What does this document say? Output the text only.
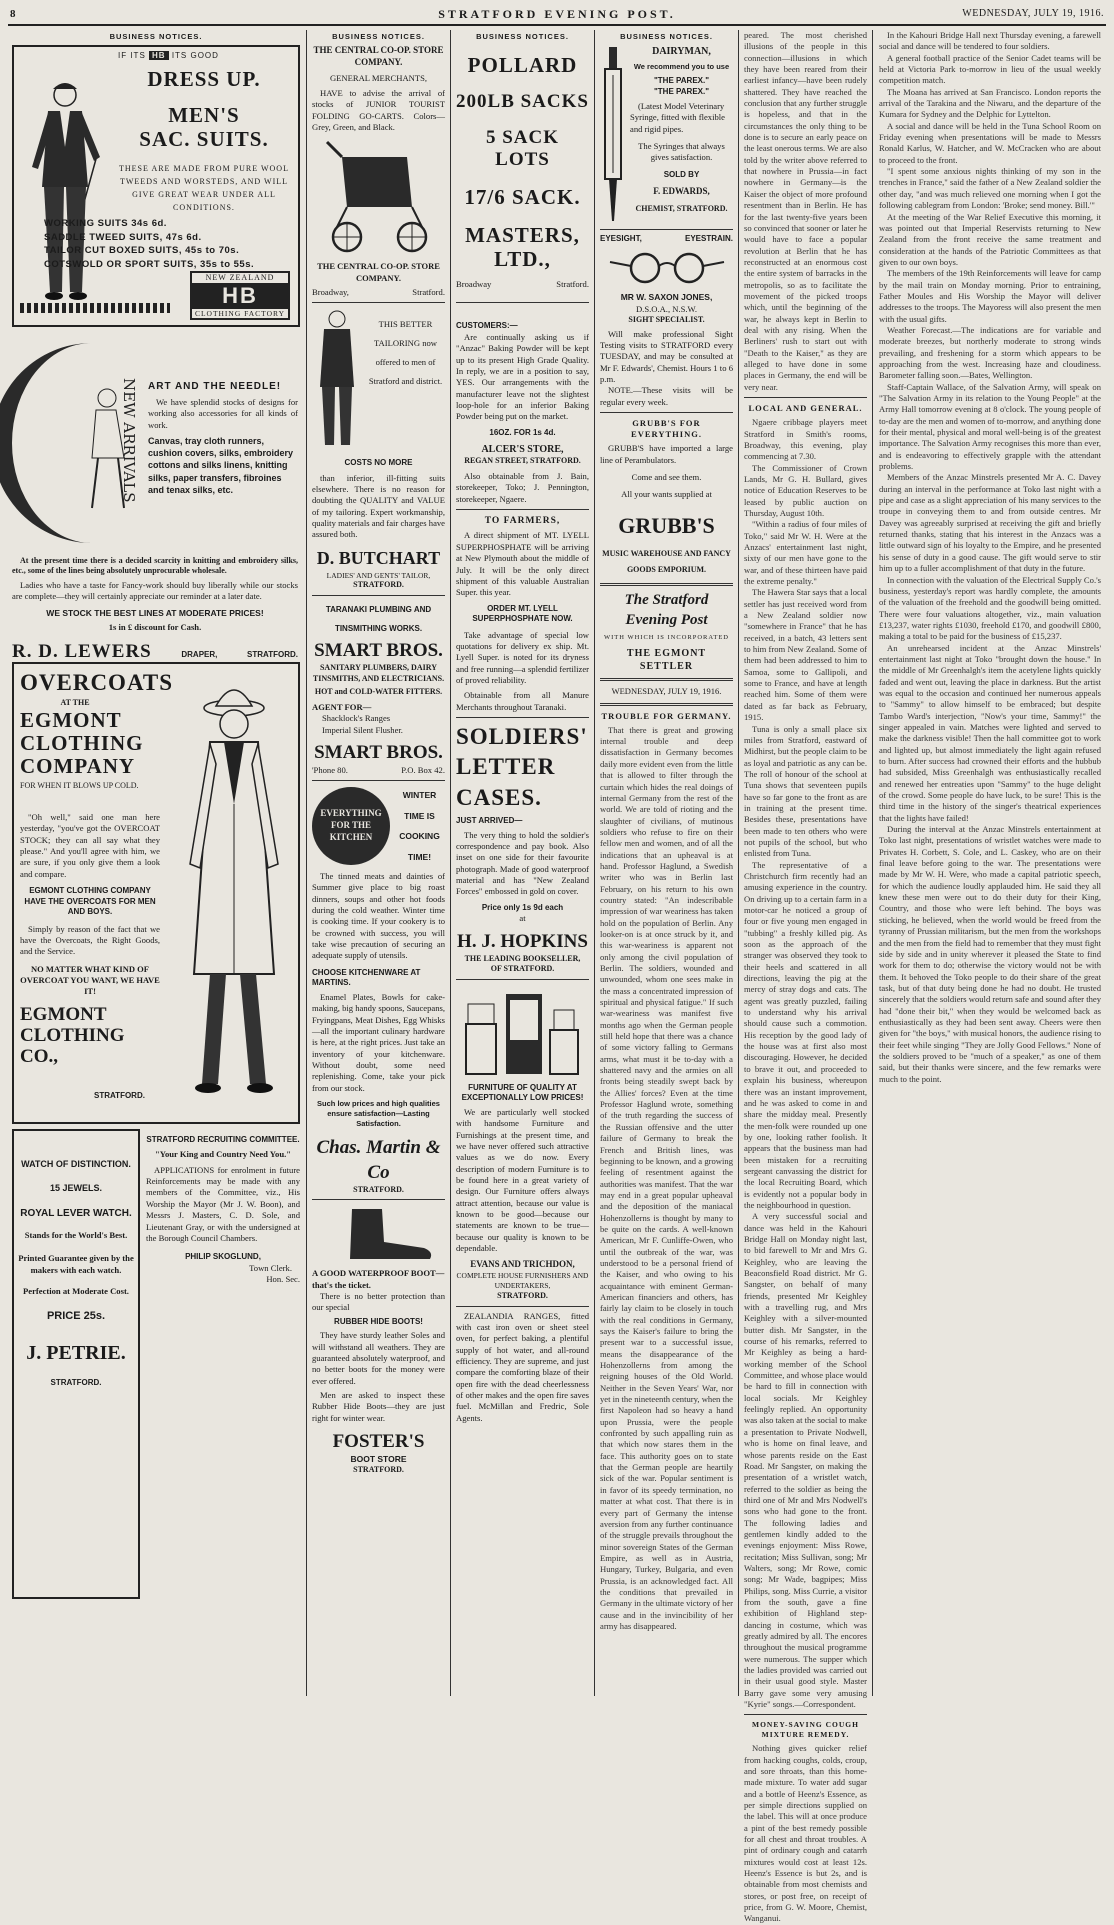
8	STRATFORD EVENING POST.	WEDNESDAY, JULY 19, 1916.
BUSINESS NOTICES.
IF ITS HB ITS GOOD
DRESS UP.
MEN'S
SAC. SUITS.
THESE ARE MADE FROM PURE WOOL TWEEDS AND WORSTEDS, AND WILL GIVE GREAT WEAR UNDER ALL CONDITIONS.
WORKING SUITS 34s 6d.
SADDLE TWEED SUITS, 47s 6d.
TAILOR CUT BOXED SUITS, 45s to 70s.
COTSWOLD OR SPORT SUITS, 35s to 55s.
NEW ZEALAND
HB
CLOTHING FACTORY
NEW ARRIVALS ART AND THE NEEDLE!
We have splendid stocks of designs for working also accessories for all kinds of work.
Canvas, tray cloth runners, cushion covers, silks, embroidery cottons and silks linens, knitting silks, paper transfers, fibroines and tenax silks, etc.
At the present time there is a decided scarcity in knitting and embroidery silks, etc., some of the lines being absolutely unprocurable wholesale.
Ladies who have a taste for Fancy-work should buy liberally while our stocks are complete—they will certainly appreciate our reminder at a later date.
WE STOCK THE BEST LINES AT MODERATE PRICES!
1s in £ discount for Cash.
R. D. LEWERS	DRAPER,	STRATFORD.
OVERCOATS
AT THE
EGMONT
CLOTHING
COMPANY
FOR WHEN IT BLOWS UP COLD.
"Oh well," said one man here yesterday, "you've got the OVERCOAT STOCK; they can all say what they please." And you'll agree with him, we are sure, if you only give them a look and compare.
EGMONT CLOTHING COMPANY HAVE THE OVERCOATS FOR MEN AND BOYS.
Simply by reason of the fact that we have the Overcoats, the Right Goods, and the Service.
NO MATTER WHAT KIND OF OVERCOAT YOU WANT, WE HAVE IT!
EGMONT
CLOTHING
CO.,
STRATFORD.
WATCH OF DISTINCTION.
15 JEWELS.
ROYAL LEVER WATCH.
Stands for the World's Best.
Printed Guarantee given by the makers with each watch.
Perfection at Moderate Cost.
PRICE 25s.
J. PETRIE.
STRATFORD.
STRATFORD RECRUITING COMMITTEE.
"Your King and Country Need You."
APPLICATIONS for enrolment in future Reinforcements may be made with any members of the Committee, viz., His Worship the Mayor (Mr J. W. Boon), and Messrs J. Masters, C. D. Sole, and Lieutenant Gray, or with the undersigned at the Borough Council Chambers.
PHILIP SKOGLUND,
Town Clerk.
Hon. Sec.
BUSINESS NOTICES.
THE CENTRAL CO-OP. STORE COMPANY.
GENERAL MERCHANTS,
HAVE to advise the arrival of stocks of JUNIOR TOURIST FOLDING GO-CARTS. Colors—Grey, Green, and Black.
THE CENTRAL CO-OP. STORE COMPANY.
Broadway,	Stratford.
THIS BETTER TAILORING now offered to men of Stratford and district.
COSTS NO MORE
than inferior, ill-fitting suits elsewhere. There is no reason for doubting the QUALITY and VALUE of my tailoring. Expert workmanship, quality materials and fair charges have assured both.
D. BUTCHART
LADIES' AND GENTS' TAILOR,
STRATFORD.
TARANAKI PLUMBING AND TINSMITHING WORKS.
SMART BROS.
SANITARY PLUMBERS, DAIRY TINSMITHS, AND ELECTRICIANS.
HOT and COLD-WATER FITTERS.
AGENT FOR—
Shacklock's Ranges
Imperial Silent Flusher.
SMART BROS.
'Phone 80.	P.O. Box 42.
EVERYTHING FOR THE KITCHEN
WINTER TIME IS COOKING TIME!
The tinned meats and dainties of Summer give place to big roast dinners, soups and other hot foods during the cold weather. Winter time is cooking time. If your cookery is to be crowned with success, you will take wise precaution of securing an adequate supply of utensils.
CHOOSE KITCHENWARE AT MARTINS.
Enamel Plates, Bowls for cake-making, big handy spoons, Saucepans, Fryingpans, Meat Dishes, Egg Whisks—all the important culinary hardware is here, at the right prices. Just take an inventory of your kitchenware. Without doubt, some need replenishing. Come, take your pick from our stock.
Such low prices and high qualities ensure satisfaction—Lasting Satisfaction.
Chas. Martin & Co
STRATFORD.
A GOOD WATERPROOF BOOT—that's the ticket.
There is no better protection than our special
RUBBER HIDE BOOTS!
They have sturdy leather Soles and will withstand all weathers. They are guaranteed absolutely waterproof, and no better boots for the money were ever offered.
Men are asked to inspect these Rubber Hide Boots—they are just right for winter wear.
FOSTER'S
BOOT STORE
STRATFORD.
BUSINESS NOTICES.
POLLARD
200LB SACKS
5 SACK LOTS
17/6 SACK.
MASTERS,
LTD.,
Broadway	Stratford.
CUSTOMERS:—
Are continually asking us if "Anzac" Baking Powder will be kept up to its present High Grade Quality. In reply, we are in a position to say, YES. Our arrangements with the manufacturer leave not the slightest loop-hole for an inferior Baking Powder being put on the market.
16OZ. FOR 1s 4d.
ALCER'S STORE,
REGAN STREET, STRATFORD.
Also obtainable from J. Bain, storekeeper, Toko; J. Pennington, storekeeper, Ngaere.
TO FARMERS,
A direct shipment of MT. LYELL SUPERPHOSPHATE will be arriving at New Plymouth about the middle of July. It will be the only direct shipment of this valuable Australian Super. this year.
ORDER MT. LYELL SUPERPHOSPHATE NOW.
Take advantage of special low quotations for delivery ex ship. Mt. Lyell Super. is noted for its dryness and free running—a splendid fertilizer of proved reliability.
Obtainable from all Manure Merchants throughout Taranaki.
SOLDIERS'
LETTER
CASES.
JUST ARRIVED—
The very thing to hold the soldier's correspondence and pay book. Also inset on one side for their favourite photograph. Made of good waterproof material and has "New Zealand Forces" embossed in gold on cover.
Price only 1s 9d each
at
H. J. HOPKINS
THE LEADING BOOKSELLER,
OF STRATFORD.
FURNITURE OF QUALITY AT EXCEPTIONALLY LOW PRICES!
We are particularly well stocked with handsome Furniture and Furnishings at the present time, and we have never offered such attractive values as we do now. Every description of modern Furniture is to be found here in a great variety of design. Our Furniture offers always attract attention, because our value is known to be good—because our statements are known to be true—because our quality is known to be dependable.
EVANS AND TRICHDON,
COMPLETE HOUSE FURNISHERS AND UNDERTAKERS,
STRATFORD.
ZEALANDIA RANGES, fitted with cast iron oven or sheet steel oven, for perfect baking, a plentiful supply of hot water, and all-round efficiency. They are supreme, and just compare the comforting blaze of their open fire with the dead cheerlessness of other makes and the open fire saves fuel. McMillan and Fredric, Sole Agents.
BUSINESS NOTICES.
DAIRYMAN,
We recommend you to use
"THE PAREX."
"THE PAREX."
(Latest Model Veterinary Syringe, fitted with flexible and rigid pipes.
The Syringes that always gives satisfaction.
SOLD BY
F. EDWARDS,
CHEMIST, STRATFORD.
EYESIGHT,	EYESTRAIN.
MR W. SAXON JONES,
D.S.O.A., N.S.W.
SIGHT SPECIALIST.
Will make professional Sight Testing visits to STRATFORD every TUESDAY, and may be consulted at Mr F. Edwards', Chemist. Hours 1 to 6 p.m.
NOTE.—These visits will be regular every week.
GRUBB'S FOR EVERYTHING.
GRUBB'S have imported a large line of Perambulators.
Come and see them.
All your wants supplied at
GRUBB'S
MUSIC WAREHOUSE AND FANCY GOODS EMPORIUM.
The Stratford Evening Post
WITH WHICH IS INCORPORATED
THE EGMONT SETTLER
WEDNESDAY, JULY 19, 1916.
TROUBLE FOR GERMANY.
That there is great and growing internal trouble and deep dissatisfaction in Germany becomes daily more evident even from the little that is allowed to filter through the curtain which hides the real doings of internal Germany from the rest of the world. We are told of rioting and the slaughter of civilians, of mutinous soldiers who refuse to fire on their fellow men and women, and of all the indications that an upheaval is at hand. Professor Haglund, a Swedish writer who was in Berlin last February, on his return to his own country stated: "An indescribable impression of war weariness has taken hold on the population of Berlin. Any looker-on is at once struck by it, and this war-weariness is apparent not only among the civil population of Berlin. The soldiers, wounded and unwounded, whom one sees make in the mass a concentrated impression of spiritual and physical fatigue." If such war-weariness was manifest five months ago when the German people still held hope that there was a chance of some victory falling to Germans arms, what must it be to-day with a shattered navy and the armies on all fronts being steadily swept back by the Allies' forces? Even at the time Professor Haglund wrote, something of the truth regarding the success of the Russian offensive and the utter failure of Germany to break the French and British lines, was beginning to be known, and a growing feeling of resentment against the authorities was manifest. That the war may end in a great popular upheaval and the deposition of the maniacal Hohenzollerns is thought by many to be quite on the cards. A well-known American, Mr F. Cunliffe-Owen, who until the outbreak of the war, was understood to be a personal friend of the Kaiser, and who owing to his acquaintance with eminent German-American financiers and others, has fairly lay claim to be closely in touch with the real conditions in Germany, says the Kaiser's failure to bring the present war to a successful issue, means the disappearance of the Hohenzollerns from among the reigning houses of the Old World. Neither in the Seven Years' War, nor yet in the nineteenth century, when the first Napoleon had so heavy a hand upon Prussia, were the people confronted by such appalling ruin as that which now stares them in the face. This authority goes on to state that the German people are heartily sick of the war. Popular sentiment is in favor of its speedy termination, no matter at what cost. That there is in every part of Germany the intense aversion from any further continuance of the struggle prevails throughout the minor sovereign States of the German Empire, as well as in Austria, Hungary, Turkey, Bulgaria, and even Prussia, is an acknowledged fact. All the conditions that prevailed in Germany in the ultimate victory of her cause and in the invincibility of her army has disappeared.
peared. The most cherished illusions of the people in this connection—illusions in which they have been reared from their earliest infancy—have been rudely shattered. They have reached the conclusion that any further struggle is hopeless, and that in the circumstances the only thing to be done is to secure an early peace on the least onerous terms. We are also told by the writer above referred to that nowhere in Prussia—in fact nowhere in Germany—is the Kaiser the object of more profound resentment than in Berlin. He has for the last twenty-five years been so convinced that sooner or later he would have to face a popular revolution at Berlin that he has reconstructed at an enormous cost the entire system of barracks in the metropolis, so as to facilitate the movement of the picked troops which, until the beginning of the war, he always kept in Berlin to deal with any rising. When the Berliners' rush to start out with "Death to the Kaiser," as they are alleged to have done in some places in Germany, the end will be very near.
LOCAL AND GENERAL.
Ngaere cribbage players meet Stratford in Smith's rooms, Broadway, this evening, play commencing at 7.30.
The Commissioner of Crown Lands, Mr G. H. Bullard, gives notice of Education Reserves to be leased by public auction on Thursday, August 10th.
"Within a radius of four miles of Toko," said Mr W. H. Were at the Anzacs' entertainment last night, sixty of our men have gone to the war, and of these thirteen have paid the extreme penalty."
The Hawera Star says that a local settler has just received word from a New Zealand soldier now "somewhere in France" that he has received, in a batch, 43 letters sent to him from New Zealand. Some of them had been addressed to him to Samoa, some to Gallipoli, and some to France, and have at length reached him. Some of them were dated as far back as February, 1915.
Tuna is only a small place six miles from Stratford, eastward of Midhirst, but the people claim to be as loyal and patriotic as any can be. The roll of honour of the school at Tuna shows that seventeen pupils have so far gone to the front as are in training at the present time. Besides these, presentations have been made to ten others who were not pupils of the school, but who enlisted from Tuna.
The representative of a Christchurch firm recently had an amusing experience in the country. On driving up to a certain farm in a motor-car he noticed a group of four or five young men engaged in "tubbing" a freshly killed pig. As soon as the approach of the stranger was observed they took to their heels and scattered in all directions, leaving the pig at the mercy of stray dogs and cats. The agent was greatly puzzled, failing to understand why his arrival should cause such a commotion. His reception by the good lady of the house was at first also most discouraging. However, he decided to brave it out, and proceeded to explain his business, whereupon there was an instant improvement, and he was asked to come in and share the midday meal. Presently the men-folk were rounded up one by one, looking rather foolish. It appears that the business man had been mistaken for a recruiting sergeant canvassing the district for the local Recruiting Board, which is evidently not a popular body in the neighbourhood in question.
A very successful social and dance was held in the Kahouri Bridge Hall on Monday night last, to bid farewell to Mr and Mrs G. Keighley, who are leaving the Beaconsfield Road district. Mr G. Sangster, on behalf of many friends, presented Mr Keighley with a travelling rug, and Mrs Keighley with a silver-mounted butter dish. Mr Sangster, in the course of his remarks, referred to Mr Keighley as being a hard-working member of the School Committee, and whose place would be hard to fill in connection with local socials. Mr Keighley feelingly replied. An opportunity was also taken at the social to make a presentation to Private Nodwell, who is home on final leave, and whose parents reside on the East Road. Mr Sangster, on making the presentation of a wristlet watch, referred to the soldier as being the third one of Mr and Mrs Nodwell's sons who had gone to the front. The following ladies and gentlemen kindly added to the evenings enjoyment: Miss Rowe, recitation; Miss Sullivan, song; Mr Walters, song; Mr Rowe, comic song; Mr Wade, bagpipes; Miss Philips, song. Miss Currie, a visitor from the south, gave a fine exhibition of Highland step-dancing in costume, which was greatly admired by all. The encores throughout the musical programme were numerous. The supper which the ladies provided was carried out in their usual good style. Master Barry gave some very amusing "Kyrie" songs.—Correspondent.
MONEY-SAVING COUGH MIXTURE REMEDY.
Nothing gives quicker relief from hacking coughs, colds, croup, and sore throats, than this home-made mixture. To water add sugar and a bottle of Heenz's Essence, as per simple directions supplied on the label. This will at once produce a pint of the best remedy possible for all chest and throat troubles. A pint of ordinary cough and catarrh mixtures would cost at least 12s. Heenz's Essence is but 2s, and is obtainable from most chemists and stores, or post free, on receipt of price, from G. W. Moore, Chemist, Wanganui.
In the Kahouri Bridge Hall next Thursday evening, a farewell social and dance will be tendered to four soldiers.
A general football practice of the Senior Cadet teams will be held at Victoria Park to-morrow in lieu of the usual weekly competition match.
The Moana has arrived at San Francisco. London reports the arrival of the Tarakina and the Niwaru, and the departure of the Kumara for Sydney and the Delphic for Lyttelton.
A social and dance will be held in the Tuna School Room on Friday evening when presentations will be made to Messrs Ronald Karlus, W. Hatcher, and W. McCracken who are about to proceed to the front.
"I spent some anxious nights thinking of my son in the trenches in France," said the father of a New Zealand soldier the other day, "and was much relieved one morning when I got the following cablegram from London: 'Broke; send money. Bill.'"
At the meeting of the War Relief Executive this morning, it was pointed out that Imperial Reservists returning to New Zealand from the front receive the same treatment and consideration at the hands of the Patriotic Committees as that given to our own boys.
The members of the 19th Reinforcements will leave for camp by the mail train on Monday morning. Prior to entraining, Father Moules and His Worship the Mayor will deliver addresses to the troops. The Mayoress will also present the men with the usual gifts.
Weather Forecast.—The indications are for variable and moderate breezes, but northerly moderate to strong winds prevailing, and freshening for a storm which appears to be approaching from the west. Increasing haze and cloudiness. Barometer falling soon.—Bates, Wellington.
Staff-Captain Wallace, of the Salvation Army, will speak on "The Salvation Army in its relation to the Young People" at the Army Hall tomorrow evening at 8 o'clock. The young people of to-day are the men and women of to-morrow, and anything done for their mental, physical and moral well-being is of the greatest importance. The Salvation Army recognises this more than ever, and is endeavoring to effectively grapple with the attendant problems.
Members of the Anzac Minstrels presented Mr A. C. Davey during an interval in the performance at Toko last night with a pipe and case as a slight appreciation of his many services to the troupe in conveying them to and from outside centres. Mr Davey was agreeably surprised at receiving the gift and briefly returned thanks, stating that his interest in the Anzacs was a little outward sign of his loyalty to the Empire, and he presented his sense of duty in a good cause. The gift would serve to stir him up to a fuller accomplishment of that duty in the future.
In connection with the valuation of the Electrical Supply Co.'s business, yesterday's report was hardly complete, the amounts of the valuation of the freehold and the goodwill being omitted. There were four valuations altogether, viz., main valuation £13,237, water rights £1030, freehold £170, and goodwill £800, making a total to be paid for the business of £15,237.
An unrehearsed incident at the Anzac Minstrels' entertainment last night at Toko "brought down the house." In the middle of Mr Greenhalgh's item the acetylene lights quickly faded and went out, leaving the place in darkness. But the artist was equal to the occasion and continued her numerous appeals to "Sammy" to allow himself to be embraced; but despite Tambo Ward's interjection, "Now's your time, Sammy!" the singer appealed in vain. Matches were lighted and served to make the darkness visible! Then the hall committee got to work and lighted up, but almost immediately the light again refused to burn. After success had crowned their efforts and the hubbub had subsided, Miss Greenhalgh was enthusiastically recalled and renewed her entreaties upon "Sammy" to the huge delight of the crowd. Some people do have luck, to be sure! This is the third time in the history of the singer's theatrical experiences that the lights have failed!
During the interval at the Anzac Minstrels entertainment at Toko last night, presentations of wristlet watches were made to Privates H. Corbett, S. Cole, and L. Caskey, who are on their final leave before going to the war. The presentations were made by Mr W. H. Were, who made a capital patriotic speech, for which the audience loudly applauded him. He said they all knew these men were out to do their duty for their King, Country, and those who were left behind. The boys was sticking, he believed, when the world would be freed from the tyranny of Prussian militarism, but the men from the workshops and the men from the field had to remember that they must fight side by side and in unity wherever it pleased the State to find work for them to do; otherwise the victory would not be with them. It behoved the Toko people to do their share of the great task, but of that duty being done he had no doubt. He trusted sincerely that the soldiers would return safe and sound after they had "done their bit," when they would be welcomed back as enthusiastically as they had been sent away. Cheers were then given for "the boys," with musical honors, the audience rising to their feet while singing "They are Jolly Good Fellows." None of the soldiers proved to be "much of a speaker," as one of them said, but their thanks were sincere, and the few remarks were much to the point.
